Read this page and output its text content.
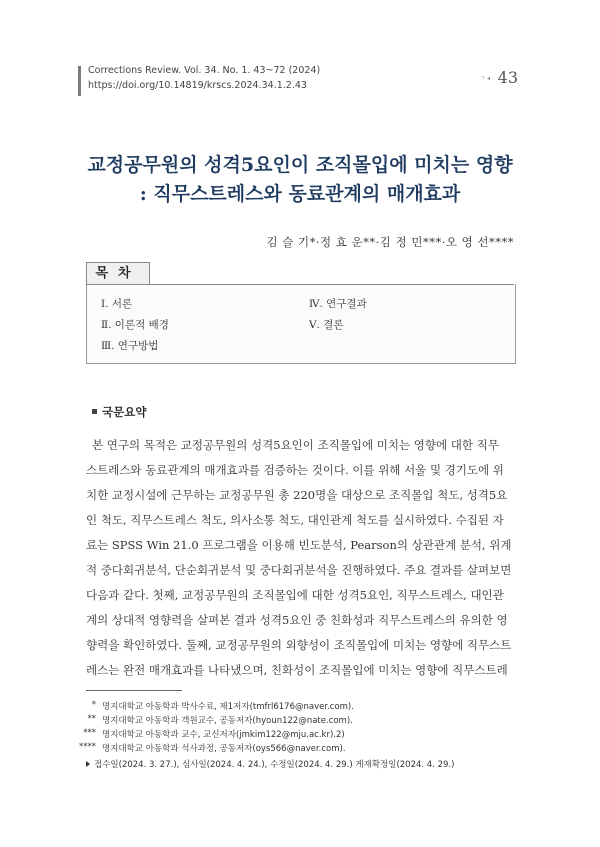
Corrections Review. Vol. 34. No. 1. 43~72 (2024)
https://doi.org/10.14819/krscs.2024.34.1.2.43
ㄱ ◂ 43
교정공무원의 성격5요인이 조직몰입에 미치는 영향
: 직무스트레스와 동료관계의 매개효과
김 슬 기*·정 효 운**·김 정 민***·오 영 선****
목차
Ⅰ. 서론
Ⅱ. 이론적 배경
Ⅲ. 연구방법
Ⅳ. 연구결과
Ⅴ. 결론
국문요약
본 연구의 목적은 교정공무원의 성격5요인이 조직몰입에 미치는 영향에 대한 직무
스트레스와 동료관계의 매개효과를 검증하는 것이다. 이를 위해 서울 및 경기도에 위
치한 교정시설에 근무하는 교정공무원 총 220명을 대상으로 조직몰입 척도, 성격5요
인 척도, 직무스트레스 척도, 의사소통 척도, 대인관계 척도를 실시하였다. 수집된 자
료는 SPSS Win 21.0 프로그램을 이용해 빈도분석, Pearson의 상관관계 분석, 위계
적 중다회귀분석, 단순회귀분석 및 중다회귀분석을 진행하였다. 주요 결과를 살펴보면
다음과 같다. 첫째, 교정공무원의 조직몰입에 대한 성격5요인, 직무스트레스, 대인관
계의 상대적 영향력을 살펴본 결과 성격5요인 중 친화성과 직무스트레스의 유의한 영
향력을 확인하였다. 둘째, 교정공무원의 외향성이 조직몰입에 미치는 영향에 직무스트
레스는 완전 매개효과를 나타냈으며, 친화성이 조직몰입에 미치는 영향에 직무스트레
* 명지대학교 아동학과 박사수료, 제1저자(tmfrl6176@naver.com).
** 명지대학교 아동학과 객원교수, 공동저자(hyoun122@nate.com).
*** 명지대학교 아동학과 교수, 교신저자(jmkim122@mju.ac.kr).2)
**** 명지대학교 아동학과 석사과정, 공동저자(oys566@naver.com).
접수일(2024. 3. 27.), 심사일(2024. 4. 24.), 수정일(2024. 4. 29.) 게재확정일(2024. 4. 29.)
